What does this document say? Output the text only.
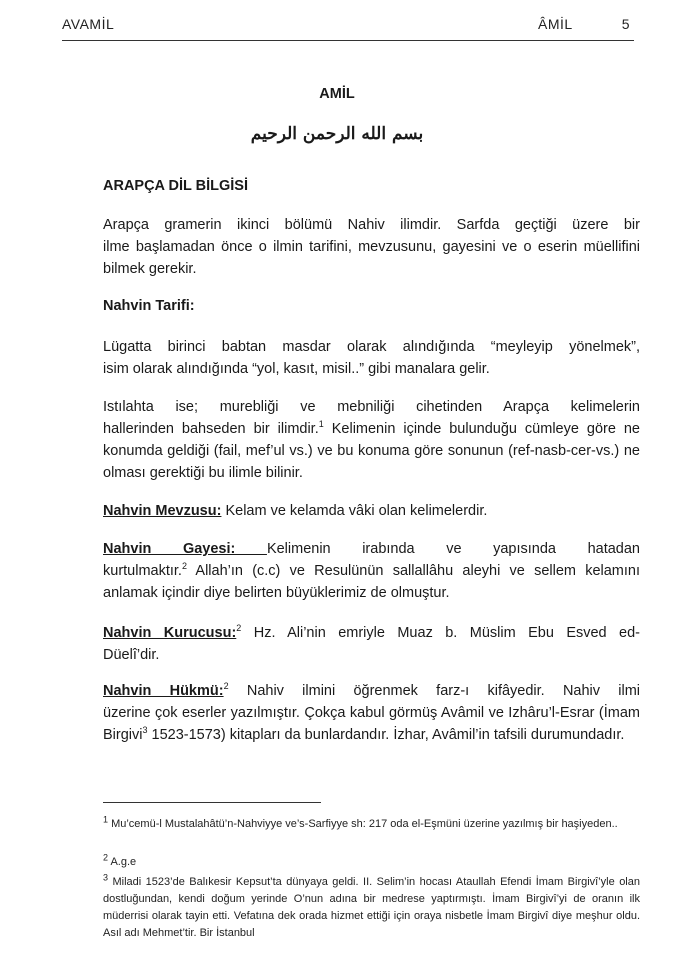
AVAMİL	ÂMİL	5
AMİL
بسم الله الرحمن الرحيم
ARAPÇA DİL BİLGİSİ
Arapça gramerin ikinci bölümü Nahiv ilimdir. Sarfda geçtiği üzere bir
ilme başlamadan önce o ilmin tarifini, mevzusunu, gayesini ve o eserin müellifini bilmek gerekir.
Nahvin Tarifi:
Lügatta birinci babtan masdar olarak alındığında “meyleyip yönelmek”,
isim olarak alındığında “yol, kasıt, misil..” gibi manalara gelir.
Istılahta ise; murebliği ve mebniliği cihetinden Arapça kelimelerin
hallerinden bahseden bir ilimdir.$^1$ Kelimenin içinde bulunduğu cümleye göre ne konumda geldiği (fail, mef’ul vs.) ve bu konuma göre sonunun (ref-nasb-cer-vs.) ne olması gerektiği bu ilimle bilinir.
Nahvin Mevzusu: Kelam ve kelamda vâki olan kelimelerdir.
Nahvin Gayesi: Kelimenin irabında ve yapısında hatadan
kurtulmaktır.$^2$ Allah’ın (c.c) ve Resulünün sallallâhu aleyhi ve sellem kelamını anlamak içindir diye belirten büyüklerimiz de olmuştur.
Nahvin Kurucusu:$^2$ Hz. Ali’nin emriyle Muaz b. Müslim Ebu Esved ed-
Düelî’dir.
Nahvin Hükmü:$^2$ Nahiv ilmini öğrenmek farz-ı kifâyedir. Nahiv ilmi
üzerine çok eserler yazılmıştır. Çokça kabul görmüş Avâmil ve Izhâru’l-Esrar (İmam Birgivi$^3$ 1523-1573) kitapları da bunlardandır. İzhar, Avâmil’in tafsili durumundadır.
$^1$ Mu’cemü-l Mustalahâtü’n-Nahviyye ve’s-Sarfiyye sh: 217 oda el-Eşmüni üzerine yazılmış bir haşiyeden..
$^2$ A.g.e
$^3$ Miladi 1523’de Balıkesir Kepsut’ta dünyaya geldi. II. Selim’in hocası Ataullah Efendi İmam Birgivî’yle olan dostluğundan, kendi doğum yerinde O’nun adına bir medrese yaptırmıştı. İmam Birgivî’yi de oranın ilk müderrisi olarak tayin etti. Vefatına dek orada hizmet ettiği için oraya nisbetle İmam Birgivî diye meşhur oldu. Asıl adı Mehmet’tir. Bir İstanbul
